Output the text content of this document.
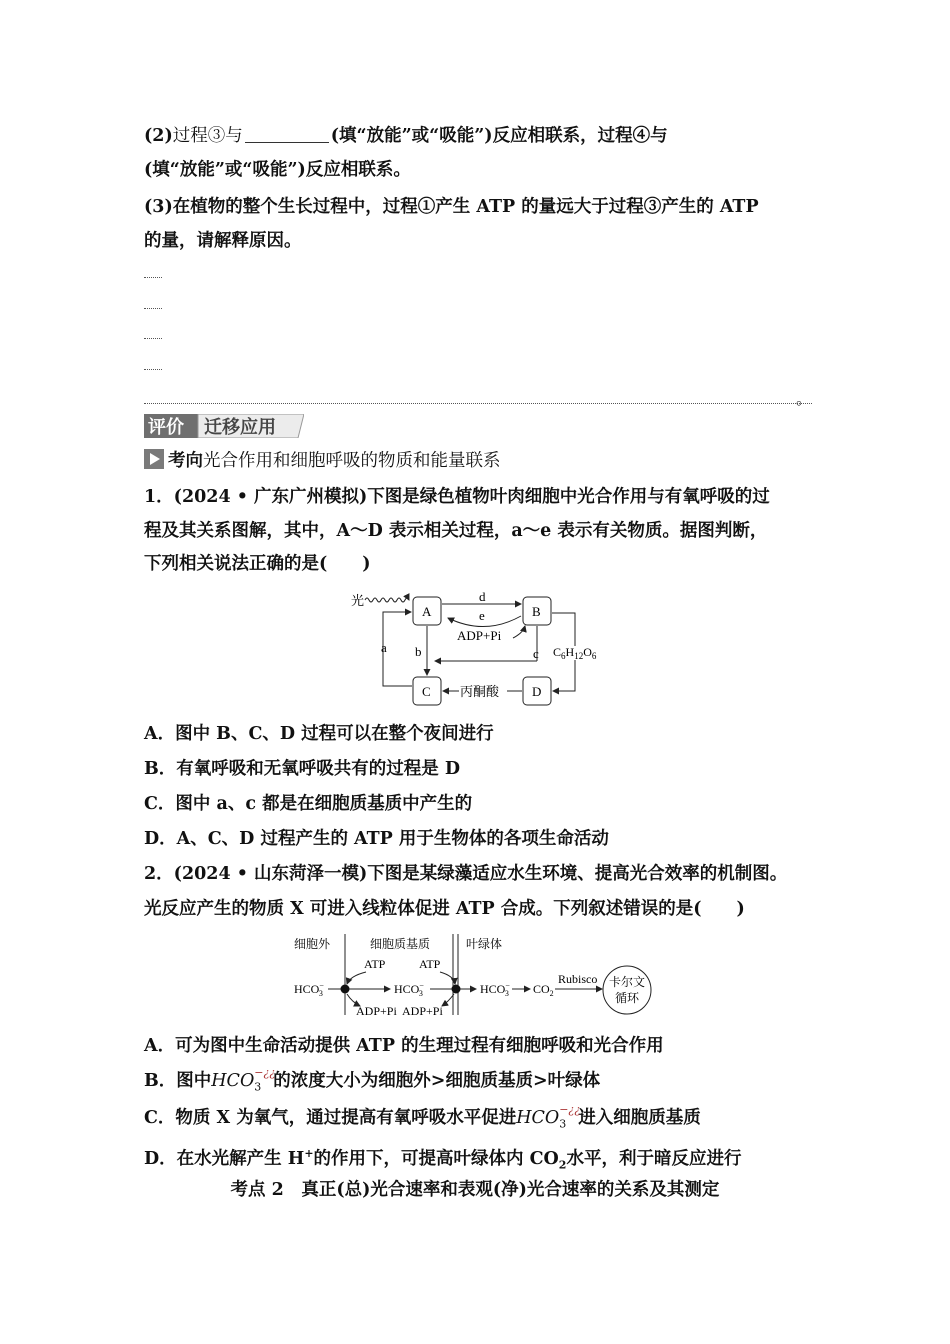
(2)过程③与	(填“放能”或“吸能”)反应相联系，过程④与
(填“放能”或“吸能”)反应相联系。
(3)在植物的整个生长过程中，过程①产生 ATP 的量远大于过程③产生的 ATP
的量，请解释原因。
。
评价 迁移应用
考向光合作用和细胞呼吸的物质和能量联系
1．(2024 • 广东广州模拟)下图是绿色植物叶肉细胞中光合作用与有氧呼吸的过
程及其关系图解，其中，A～D 表示相关过程，a～e 表示有关物质。据图判断，
下列相关说法正确的是(　　)
光
A	B
C	D
d
e
ADP+Pi
b
a	c $C_6H_{12}O_6$
丙酮酸
A．图中 B、C、D 过程可以在整个夜间进行
B．有氧呼吸和无氧呼吸共有的过程是 D
C．图中 a、c 都是在细胞质基质中产生的
D．A、C、D 过程产生的 ATP 用于生物体的各项生命活动
2．(2024 • 山东菏泽一模)下图是某绿藻适应水生环境、提高光合效率的机制图。
光反应产生的物质 X 可进入线粒体促进 ATP 合成。下列叙述错误的是(　　)
细胞外	细胞质基质	叶绿体
HCO− 3	HCO− 3	HCO− 3
ATP	ATP
ADP+Pi ADP+Pi
$CO_2$
Rubisco 卡尔文
循环
A．可为图中生命活动提供 ATP 的生理过程有细胞呼吸和光合作用
B．图中$HCO_3$
−¿¿
的浓度大小为细胞外>细胞质基质>叶绿体
C．物质 X 为氧气，通过提高有氧呼吸水平促进$HCO_3$
−¿¿
进入细胞质基质
D．在水光解产生 H+的作用下，可提高叶绿体内 $CO_2$水平，利于暗反应进行
考点 2　真正(总)光合速率和表观(净)光合速率的关系及其测定
